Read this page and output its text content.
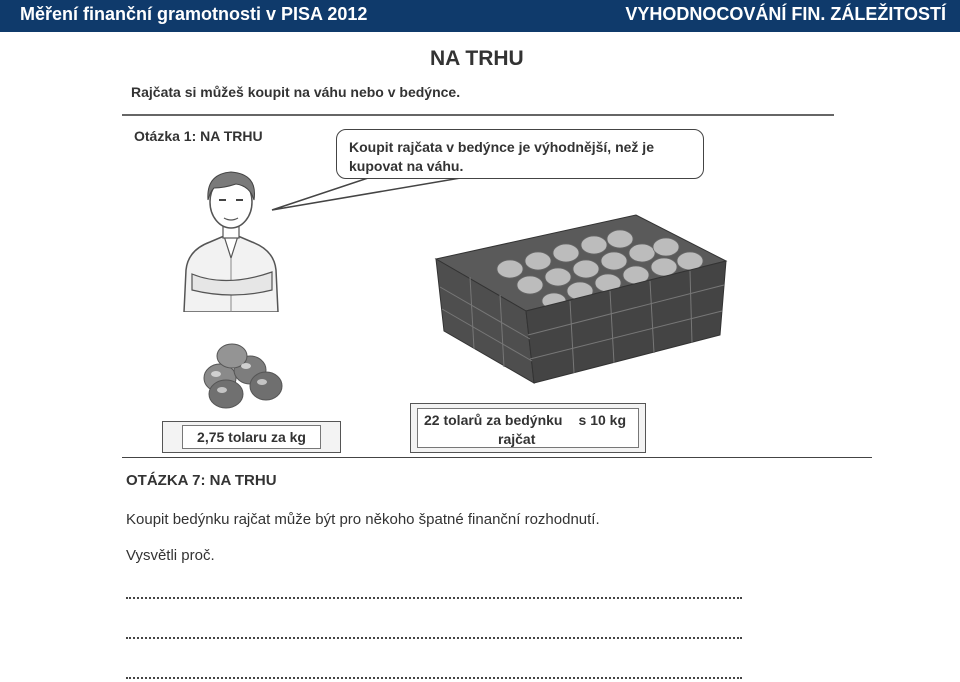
Měření finanční gramotnosti v PISA 2012	VYHODNOCOVÁNÍ FIN. ZÁLEŽITOSTÍ
NA TRHU
Rajčata si můžeš koupit na váhu nebo v bedýnce.
Otázka 1: NA TRHU
Koupit rajčata v bedýnce je výhodnější, než je kupovat na váhu.
2,75 tolaru za kg
22 tolarů za bedýnku s 10 kg
rajčat
OTÁZKA 7: NA TRHU
Koupit bedýnku rajčat může být pro někoho špatné finanční rozhodnutí.
Vysvětli proč.
